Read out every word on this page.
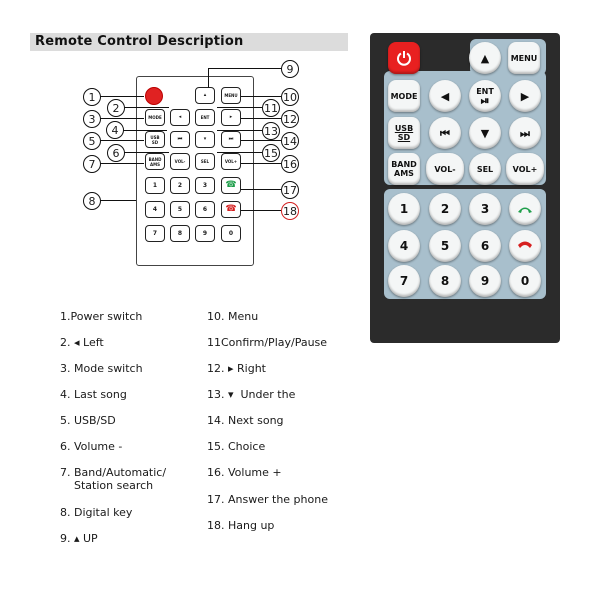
Remote Control Description
▴	MENU
MODE	◂	ENT	▸
USB
SD	⏮	▾	⏭
BAND
AMS	VOL-	SEL	VOL+
1	2	3	☎
4	5	6	☎
7	8	9	0
1
2
3
4
5
6
7
8
9
10
11
12
13
14
15
16
17
18
1.Power switch
2. ◂ Left
3. Mode switch
4. Last song
5. USB/SD
6. Volume -
7. Band/Automatic/
Station search
8. Digital key
9. ▴ UP
10. Menu
11Confirm/Play/Pause
12. ▸ Right
13. ▾  Under the
14. Next song
15. Choice
16. Volume +
17. Answer the phone
18. Hang up
▲	MENU
MODE ◀	ENT
⏯	▶
USB
SD	⏮	▼	⏭
BAND
AMS	VOL-	SEL	VOL+
1	2	3
4	5	6
7	8	9	0
